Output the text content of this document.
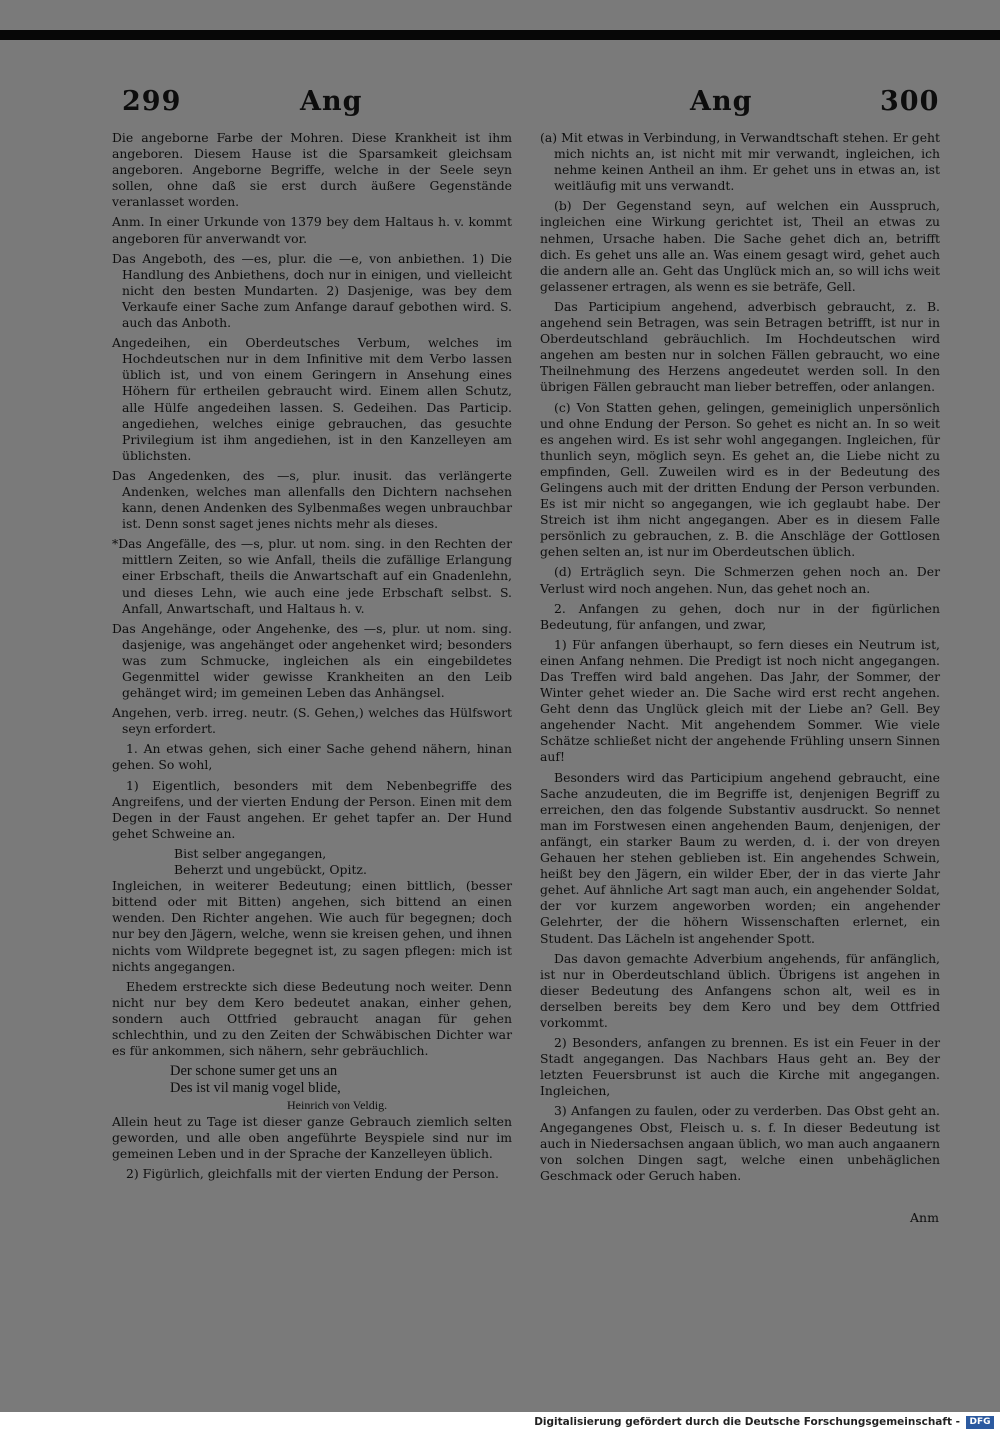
299	Ang	Ang	300

Die angeborne Farbe der Mohren. Diese Krankheit ist ihm angeboren. Diesem Hause ist die Sparsamkeit gleichsam angeboren. Angeborne Begriffe, welche in der Seele seyn sollen, ohne daß sie erst durch äußere Gegenstände veranlasset worden.

Anm. In einer Urkunde von 1379 bey dem Haltaus h. v. kommt angeboren für anverwandt vor.

Das Angeboth, des —es, plur. die —e, von anbiethen. 1) Die Handlung des Anbiethens, doch nur in einigen, und vielleicht nicht den besten Mundarten. 2) Dasjenige, was bey dem Verkaufe einer Sache zum Anfange darauf gebothen wird. S. auch das Anboth.

Angedeihen, ein Oberdeutsches Verbum, welches im Hochdeutschen nur in dem Infinitive mit dem Verbo lassen üblich ist, und von einem Geringern in Ansehung eines Höhern für ertheilen gebraucht wird. Einem allen Schutz, alle Hülfe angedeihen lassen. S. Gedeihen. Das Particip. angediehen, welches einige gebrauchen, das gesuchte Privilegium ist ihm angediehen, ist in den Kanzelleyen am üblichsten.

Das Angedenken, des —s, plur. inusit. das verlängerte Andenken, welches man allenfalls den Dichtern nachsehen kann, denen Andenken des Sylbenmaßes wegen unbrauchbar ist. Denn sonst saget jenes nichts mehr als dieses.

*Das Angefälle, des —s, plur. ut nom. sing. in den Rechten der mittlern Zeiten, so wie Anfall, theils die zufällige Erlangung einer Erbschaft, theils die Anwartschaft auf ein Gnadenlehn, und dieses Lehn, wie auch eine jede Erbschaft selbst. S. Anfall, Anwartschaft, und Haltaus h. v.

Das Angehänge, oder Angehenke, des —s, plur. ut nom. sing. dasjenige, was angehänget oder angehenket wird; besonders was zum Schmucke, ingleichen als ein eingebildetes Gegenmittel wider gewisse Krankheiten an den Leib gehänget wird; im gemeinen Leben das Anhängsel.

Angehen, verb. irreg. neutr. (S. Gehen,) welches das Hülfswort seyn erfordert.

1. An etwas gehen, sich einer Sache gehend nähern, hinan gehen. So wohl,

1) Eigentlich, besonders mit dem Nebenbegriffe des Angreifens, und der vierten Endung der Person. Einen mit dem Degen in der Faust angehen. Er gehet tapfer an. Der Hund gehet Schweine an.

Bist selber angegangen,

Beherzt und ungebückt, Opitz.

Ingleichen, in weiterer Bedeutung; einen bittlich, (besser bittend oder mit Bitten) angehen, sich bittend an einen wenden. Den Richter angehen. Wie auch für begegnen; doch nur bey den Jägern, welche, wenn sie kreisen gehen, und ihnen nichts vom Wildprete begegnet ist, zu sagen pflegen: mich ist nichts angegangen.

Ehedem erstreckte sich diese Bedeutung noch weiter. Denn nicht nur bey dem Kero bedeutet anakan, einher gehen, sondern auch Ottfried gebraucht anagan für gehen schlechthin, und zu den Zeiten der Schwäbischen Dichter war es für ankommen, sich nähern, sehr gebräuchlich.

Der schone sumer get uns an

Des ist vil manig vogel blide,

Heinrich von Veldig.

Allein heut zu Tage ist dieser ganze Gebrauch ziemlich selten geworden, und alle oben angeführte Beyspiele sind nur im gemeinen Leben und in der Sprache der Kanzelleyen üblich.

2) Figürlich, gleichfalls mit der vierten Endung der Person.

(a) Mit etwas in Verbindung, in Verwandtschaft stehen. Er geht mich nichts an, ist nicht mit mir verwandt, ingleichen, ich nehme keinen Antheil an ihm. Er gehet uns in etwas an, ist weitläufig mit uns verwandt.

(b) Der Gegenstand seyn, auf welchen ein Ausspruch, ingleichen eine Wirkung gerichtet ist, Theil an etwas zu nehmen, Ursache haben. Die Sache gehet dich an, betrifft dich. Es gehet uns alle an. Was einem gesagt wird, gehet auch die andern alle an. Geht das Unglück mich an, so will ichs weit gelassener ertragen, als wenn es sie beträfe, Gell.

Das Participium angehend, adverbisch gebraucht, z. B. angehend sein Betragen, was sein Betragen betrifft, ist nur in Oberdeutschland gebräuchlich. Im Hochdeutschen wird angehen am besten nur in solchen Fällen gebraucht, wo eine Theilnehmung des Herzens angedeutet werden soll. In den übrigen Fällen gebraucht man lieber betreffen, oder anlangen.

(c) Von Statten gehen, gelingen, gemeiniglich unpersönlich und ohne Endung der Person. So gehet es nicht an. In so weit es angehen wird. Es ist sehr wohl angegangen. Ingleichen, für thunlich seyn, möglich seyn. Es gehet an, die Liebe nicht zu empfinden, Gell. Zuweilen wird es in der Bedeutung des Gelingens auch mit der dritten Endung der Person verbunden. Es ist mir nicht so angegangen, wie ich geglaubt habe. Der Streich ist ihm nicht angegangen. Aber es in diesem Falle persönlich zu gebrauchen, z. B. die Anschläge der Gottlosen gehen selten an, ist nur im Oberdeutschen üblich.

(d) Erträglich seyn. Die Schmerzen gehen noch an. Der Verlust wird noch angehen. Nun, das gehet noch an.

2. Anfangen zu gehen, doch nur in der figürlichen Bedeutung, für anfangen, und zwar,

1) Für anfangen überhaupt, so fern dieses ein Neutrum ist, einen Anfang nehmen. Die Predigt ist noch nicht angegangen. Das Treffen wird bald angehen. Das Jahr, der Sommer, der Winter gehet wieder an. Die Sache wird erst recht angehen. Geht denn das Unglück gleich mit der Liebe an? Gell. Bey angehender Nacht. Mit angehendem Sommer. Wie viele Schätze schließet nicht der angehende Frühling unsern Sinnen auf!

Besonders wird das Participium angehend gebraucht, eine Sache anzudeuten, die im Begriffe ist, denjenigen Begriff zu erreichen, den das folgende Substantiv ausdruckt. So nennet man im Forstwesen einen angehenden Baum, denjenigen, der anfängt, ein starker Baum zu werden, d. i. der von dreyen Gehauen her stehen geblieben ist. Ein angehendes Schwein, heißt bey den Jägern, ein wilder Eber, der in das vierte Jahr gehet. Auf ähnliche Art sagt man auch, ein angehender Soldat, der vor kurzem angeworben worden; ein angehender Gelehrter, der die höhern Wissenschaften erlernet, ein Student. Das Lächeln ist angehender Spott.

Das davon gemachte Adverbium angehends, für anfänglich, ist nur in Oberdeutschland üblich. Übrigens ist angehen in dieser Bedeutung des Anfangens schon alt, weil es in derselben bereits bey dem Kero und bey dem Ottfried vorkommt.

2) Besonders, anfangen zu brennen. Es ist ein Feuer in der Stadt angegangen. Das Nachbars Haus geht an. Bey der letzten Feuersbrunst ist auch die Kirche mit angegangen. Ingleichen,

3) Anfangen zu faulen, oder zu verderben. Das Obst geht an. Angegangenes Obst, Fleisch u. s. f. In dieser Bedeutung ist auch in Niedersachsen angaan üblich, wo man auch angaanern von solchen Dingen sagt, welche einen unbehäglichen Geschmack oder Geruch haben.

Anm
Digitalisierung gefördert durch die Deutsche Forschungsgemeinschaft -	DFG
